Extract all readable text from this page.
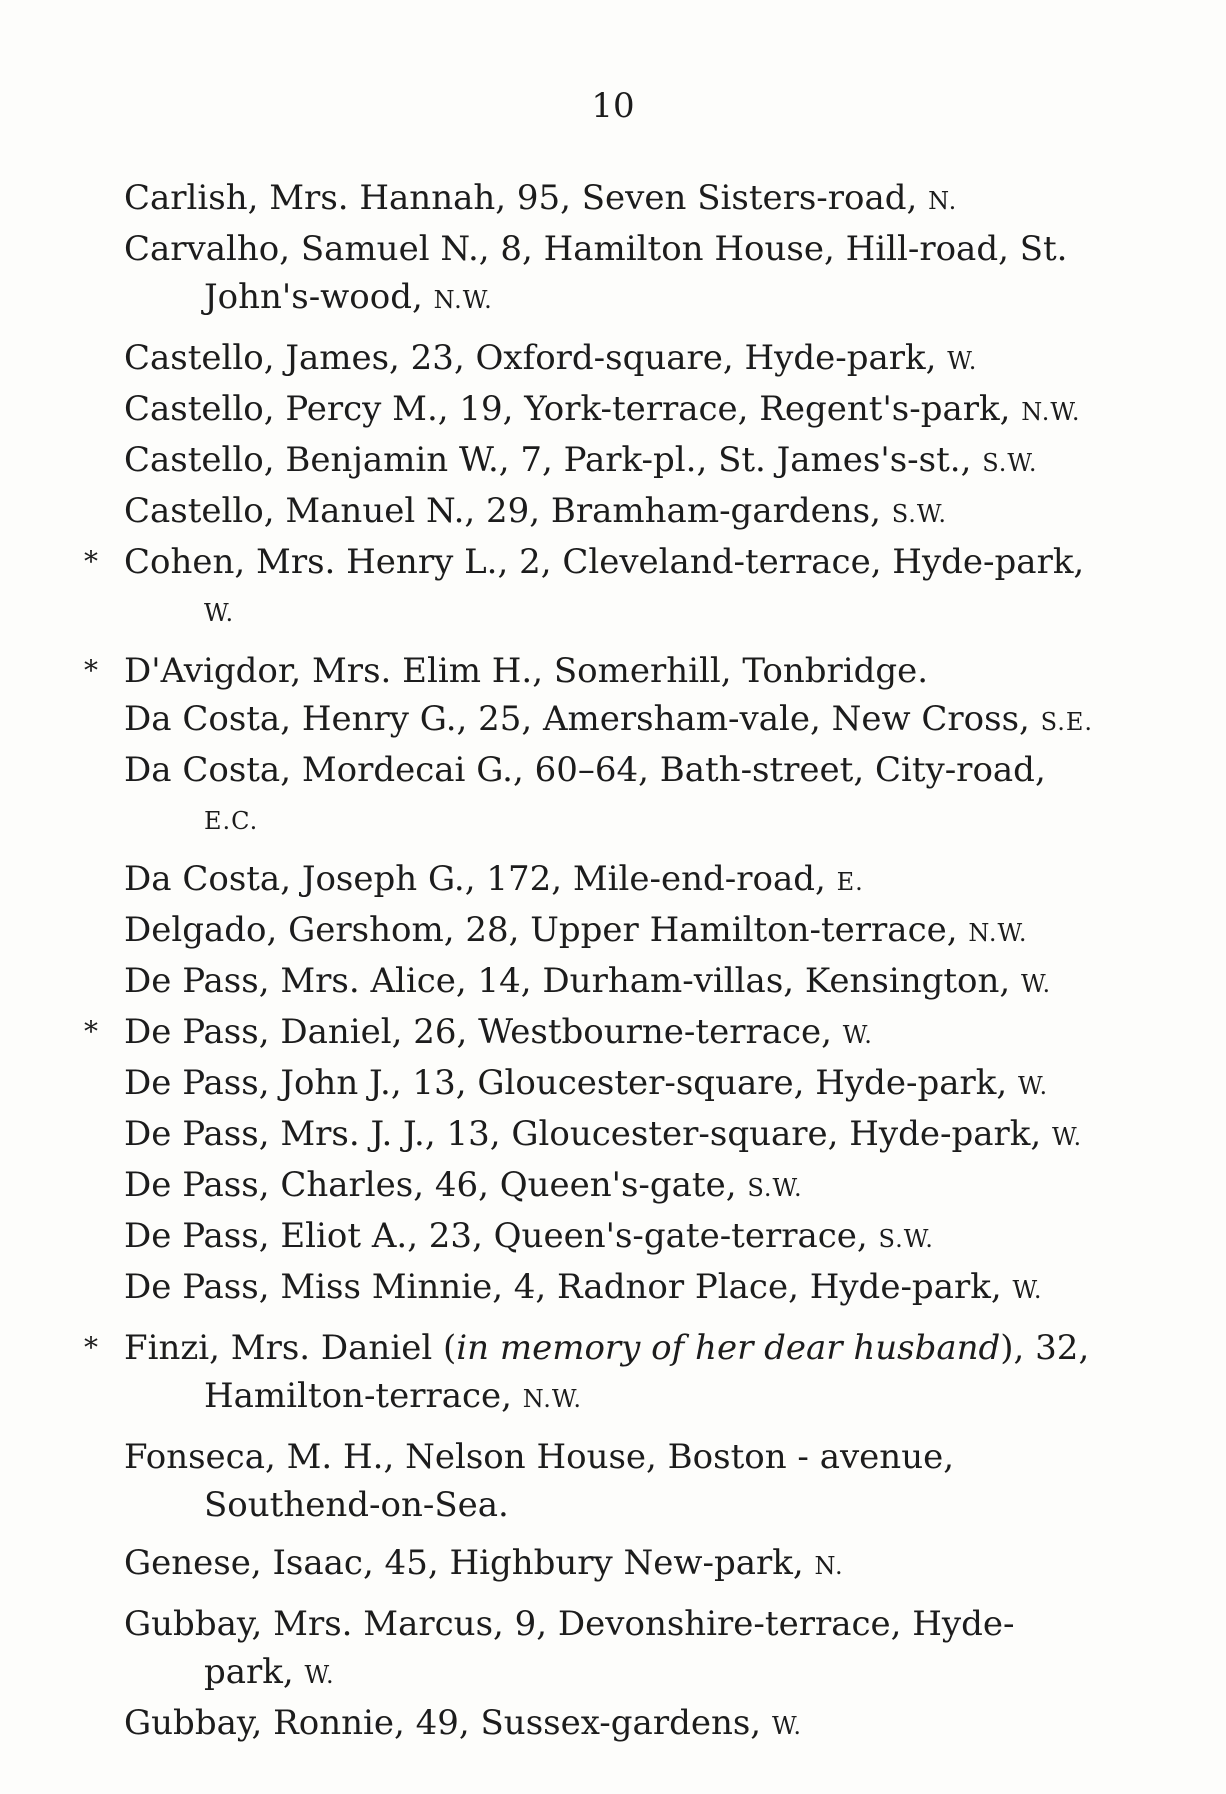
10
Carlish, Mrs. Hannah, 95, Seven Sisters-road, N.
Carvalho, Samuel N., 8, Hamilton House, Hill-road, St. John's-wood, N.W.
Castello, James, 23, Oxford-square, Hyde-park, W.
Castello, Percy M., 19, York-terrace, Regent's-park, N.W.
Castello, Benjamin W., 7, Park-pl., St. James's-st., S.W.
Castello, Manuel N., 29, Bramham-gardens, S.W.
* Cohen, Mrs. Henry L., 2, Cleveland-terrace, Hyde-park, W.
* D'Avigdor, Mrs. Elim H., Somerhill, Tonbridge.
Da Costa, Henry G., 25, Amersham-vale, New Cross, S.E.
Da Costa, Mordecai G., 60–64, Bath-street, City-road, E.C.
Da Costa, Joseph G., 172, Mile-end-road, E.
Delgado, Gershom, 28, Upper Hamilton-terrace, N.W.
De Pass, Mrs. Alice, 14, Durham-villas, Kensington, W.
* De Pass, Daniel, 26, Westbourne-terrace, W.
De Pass, John J., 13, Gloucester-square, Hyde-park, W.
De Pass, Mrs. J. J., 13, Gloucester-square, Hyde-park, W.
De Pass, Charles, 46, Queen's-gate, S.W.
De Pass, Eliot A., 23, Queen's-gate-terrace, S.W.
De Pass, Miss Minnie, 4, Radnor Place, Hyde-park, W.
* Finzi, Mrs. Daniel (in memory of her dear husband), 32, Hamilton-terrace, N.W.
Fonseca, M. H., Nelson House, Boston - avenue, Southend-on-Sea.
Genese, Isaac, 45, Highbury New-park, N.
Gubbay, Mrs. Marcus, 9, Devonshire-terrace, Hyde-park, W.
Gubbay, Ronnie, 49, Sussex-gardens, W.
